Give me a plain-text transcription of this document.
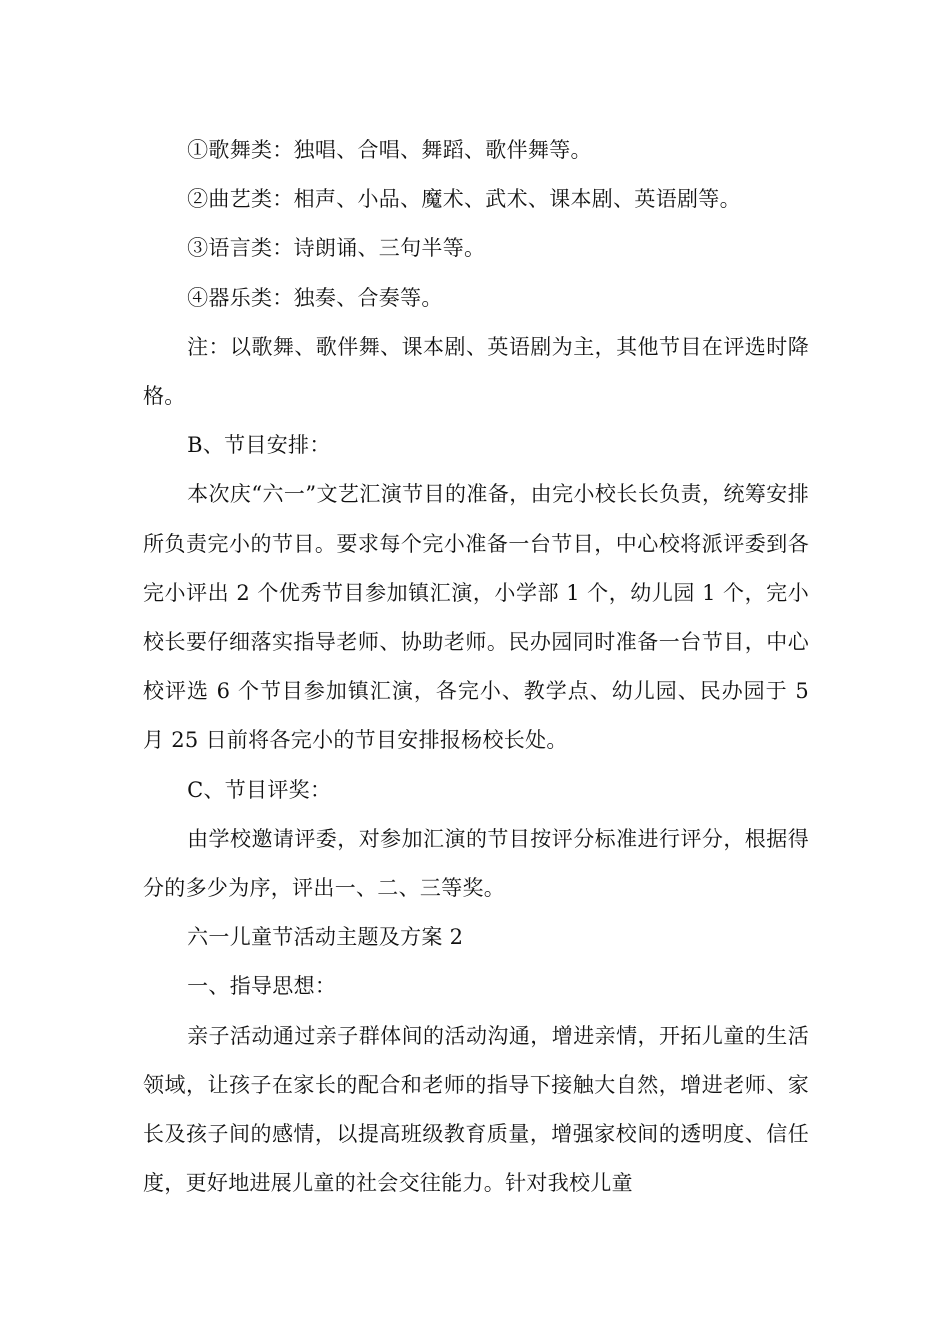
①歌舞类：独唱、合唱、舞蹈、歌伴舞等。

②曲艺类：相声、小品、魔术、武术、课本剧、英语剧等。

③语言类：诗朗诵、三句半等。

④器乐类：独奏、合奏等。

注：以歌舞、歌伴舞、课本剧、英语剧为主，其他节目在评选时降格。

B、节目安排：

本次庆“六一”文艺汇演节目的准备，由完小校长长负责，统筹安排所负责完小的节目。要求每个完小准备一台节目，中心校将派评委到各完小评出 2 个优秀节目参加镇汇演，小学部 1 个，幼儿园 1 个，完小校长要仔细落实指导老师、协助老师。民办园同时准备一台节目，中心校评选 6 个节目参加镇汇演，各完小、教学点、幼儿园、民办园于 5 月 25 日前将各完小的节目安排报杨校长处。

C、节目评奖：

由学校邀请评委，对参加汇演的节目按评分标准进行评分，根据得分的多少为序，评出一、二、三等奖。

六一儿童节活动主题及方案 2

一、指导思想：

亲子活动通过亲子群体间的活动沟通，增进亲情，开拓儿童的生活领域，让孩子在家长的配合和老师的指导下接触大自然，增进老师、家长及孩子间的感情，以提高班级教育质量，增强家校间的透明度、信任度，更好地进展儿童的社会交往能力。针对我校儿童
